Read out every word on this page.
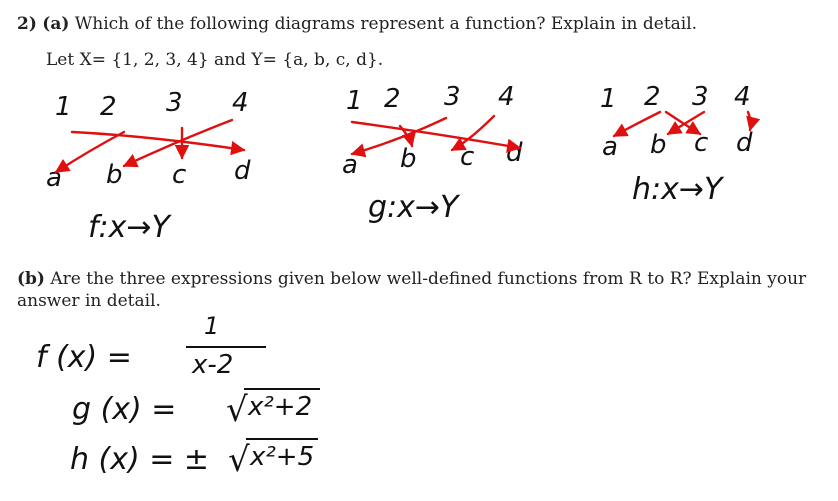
2) (a) Which of the following diagrams represent a function? Explain in detail.
Let X= {1, 2, 3, 4} and Y= {a, b, c, d}.
1 2 3 4
a b c d
f:x→Y
1 2 3 4
a b c d
g:x→Y
1 2 3 4
a b c d
h:x→Y
(b) Are the three expressions given below well-defined functions from R to R? Explain your answer in detail.
f (x) =
1
x-2
g (x) = √ x²+2
h (x) = ± √ x²+5
